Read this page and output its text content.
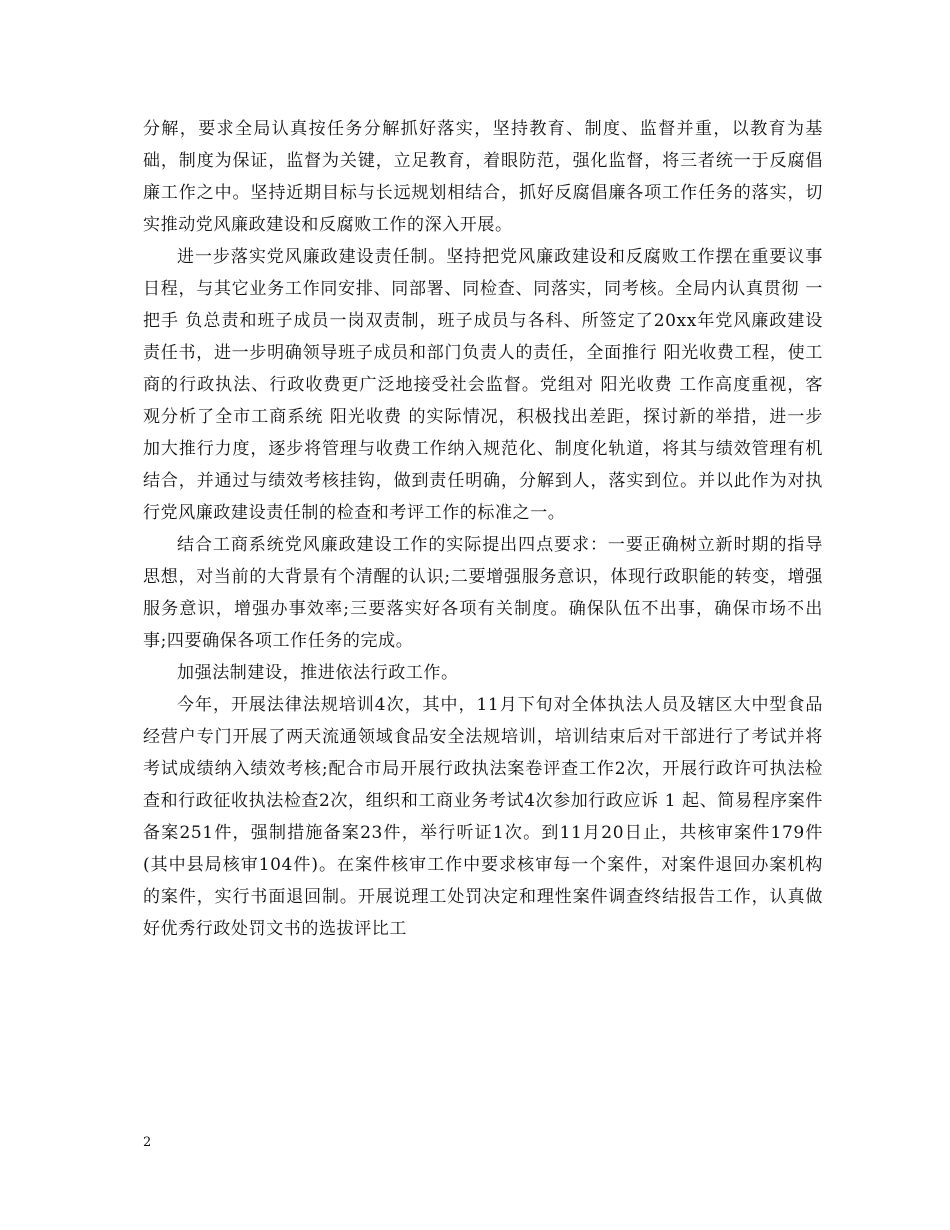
分解，要求全局认真按任务分解抓好落实，坚持教育、制度、监督并重，以教育为基础，制度为保证，监督为关键，立足教育，着眼防范，强化监督，将三者统一于反腐倡廉工作之中。坚持近期目标与长远规划相结合，抓好反腐倡廉各项工作任务的落实，切实推动党风廉政建设和反腐败工作的深入开展。

进一步落实党风廉政建设责任制。坚持把党风廉政建设和反腐败工作摆在重要议事日程，与其它业务工作同安排、同部署、同检查、同落实，同考核。全局内认真贯彻 一把手 负总责和班子成员一岗双责制，班子成员与各科、所签定了20xx年党风廉政建设责任书，进一步明确领导班子成员和部门负责人的责任，全面推行 阳光收费工程，使工商的行政执法、行政收费更广泛地接受社会监督。党组对 阳光收费 工作高度重视，客观分析了全市工商系统 阳光收费 的实际情况，积极找出差距，探讨新的举措，进一步加大推行力度，逐步将管理与收费工作纳入规范化、制度化轨道，将其与绩效管理有机结合，并通过与绩效考核挂钩，做到责任明确，分解到人，落实到位。并以此作为对执行党风廉政建设责任制的检查和考评工作的标准之一。

结合工商系统党风廉政建设工作的实际提出四点要求：一要正确树立新时期的指导思想，对当前的大背景有个清醒的认识;二要增强服务意识，体现行政职能的转变，增强服务意识，增强办事效率;三要落实好各项有关制度。确保队伍不出事，确保市场不出事;四要确保各项工作任务的完成。

加强法制建设，推进依法行政工作。

今年，开展法律法规培训4次，其中，11月下旬对全体执法人员及辖区大中型食品经营户专门开展了两天流通领域食品安全法规培训，培训结束后对干部进行了考试并将考试成绩纳入绩效考核;配合市局开展行政执法案卷评查工作2次，开展行政许可执法检查和行政征收执法检查2次，组织和工商业务考试4次参加行政应诉 1 起、简易程序案件备案251件，强制措施备案23件，举行听证1次。到11月20日止，共核审案件179件(其中县局核审104件)。在案件核审工作中要求核审每一个案件，对案件退回办案机构的案件，实行书面退回制。开展说理工处罚决定和理性案件调查终结报告工作，认真做好优秀行政处罚文书的选拔评比工

2
